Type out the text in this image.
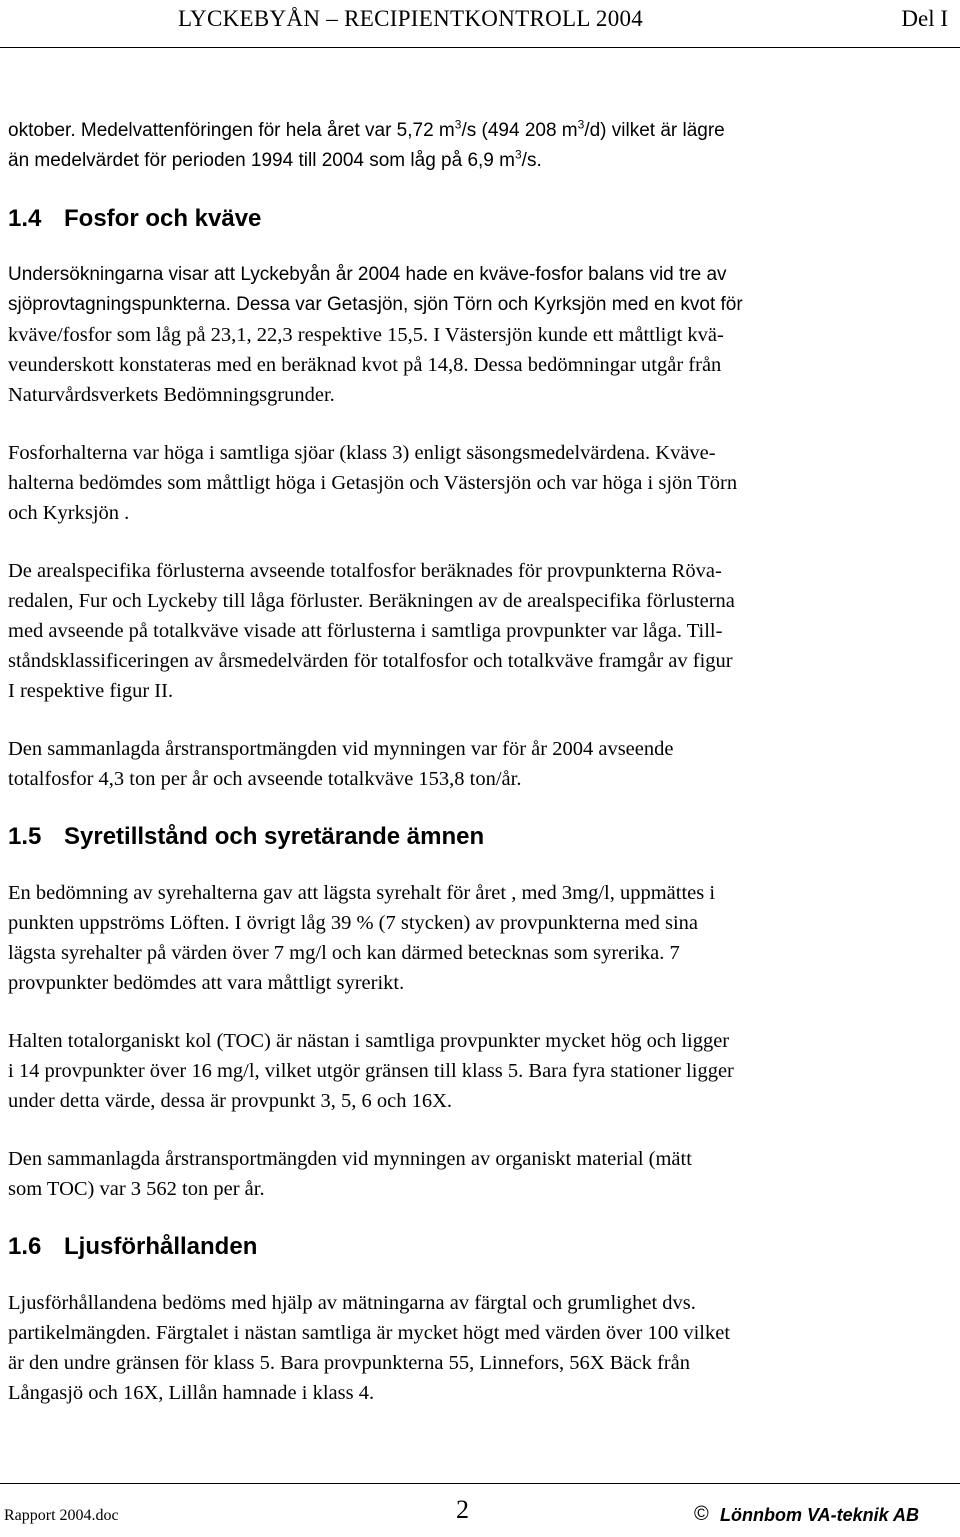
LYCKEBYÅN – RECIPIENTKONTROLL 2004	Del I

oktober. Medelvattenföringen för hela året var 5,72 $m^3/s$ (494 208 $m^3/d$) vilket är lägre
än medelvärdet för perioden 1994 till 2004 som låg på 6,9 $m^3/s$.

1.4 Fosfor och kväve

Undersökningarna visar att Lyckebyån år 2004 hade en kväve-fosfor balans vid tre av
sjöprovtagningspunkterna. Dessa var Getasjön, sjön Törn och Kyrksjön med en kvot för
kväve/fosfor som låg på 23,1, 22,3 respektive 15,5. I Västersjön kunde ett måttligt kvä-
veunderskott konstateras med en beräknad kvot på 14,8. Dessa bedömningar utgår från
Naturvårdsverkets Bedömningsgrunder.

Fosforhalterna var höga i samtliga sjöar (klass 3) enligt säsongsmedelvärdena. Kväve-
halterna bedömdes som måttligt höga i Getasjön och Västersjön och var höga i sjön Törn
och Kyrksjön .

De arealspecifika förlusterna avseende totalfosfor beräknades för provpunkterna Röva-
redalen, Fur och Lyckeby till låga förluster. Beräkningen av de arealspecifika förlusterna
med avseende på totalkväve visade att förlusterna i samtliga provpunkter var låga. Till-
ståndsklassificeringen av årsmedelvärden för totalfosfor och totalkväve framgår av figur
I respektive figur II.

Den sammanlagda årstransportmängden vid mynningen var för år 2004 avseende
totalfosfor 4,3 ton per år och avseende totalkväve 153,8 ton/år.

1.5 Syretillstånd och syretärande ämnen

En bedömning av syrehalterna gav att lägsta syrehalt för året , med 3mg/l, uppmättes i
punkten uppströms Löften. I övrigt låg 39 % (7 stycken) av provpunkterna med sina
lägsta syrehalter på värden över 7 mg/l och kan därmed betecknas som syrerika. 7
provpunkter bedömdes att vara måttligt syrerikt.

Halten totalorganiskt kol (TOC) är nästan i samtliga provpunkter mycket hög och ligger
i 14 provpunkter över 16 mg/l, vilket utgör gränsen till klass 5. Bara fyra stationer ligger
under detta värde, dessa är provpunkt 3, 5, 6 och 16X.

Den sammanlagda årstransportmängden vid mynningen av organiskt material (mätt
som TOC) var 3 562 ton per år.

1.6 Ljusförhållanden

Ljusförhållandena bedöms med hjälp av mätningarna av färgtal och grumlighet dvs.
partikelmängden. Färgtalet i nästan samtliga är mycket högt med värden över 100 vilket
är den undre gränsen för klass 5. Bara provpunkterna 55, Linnefors, 56X Bäck från
Långasjö och 16X, Lillån hamnade i klass 4.

Rapport 2004.doc	2	© Lönnbom VA-teknik AB
